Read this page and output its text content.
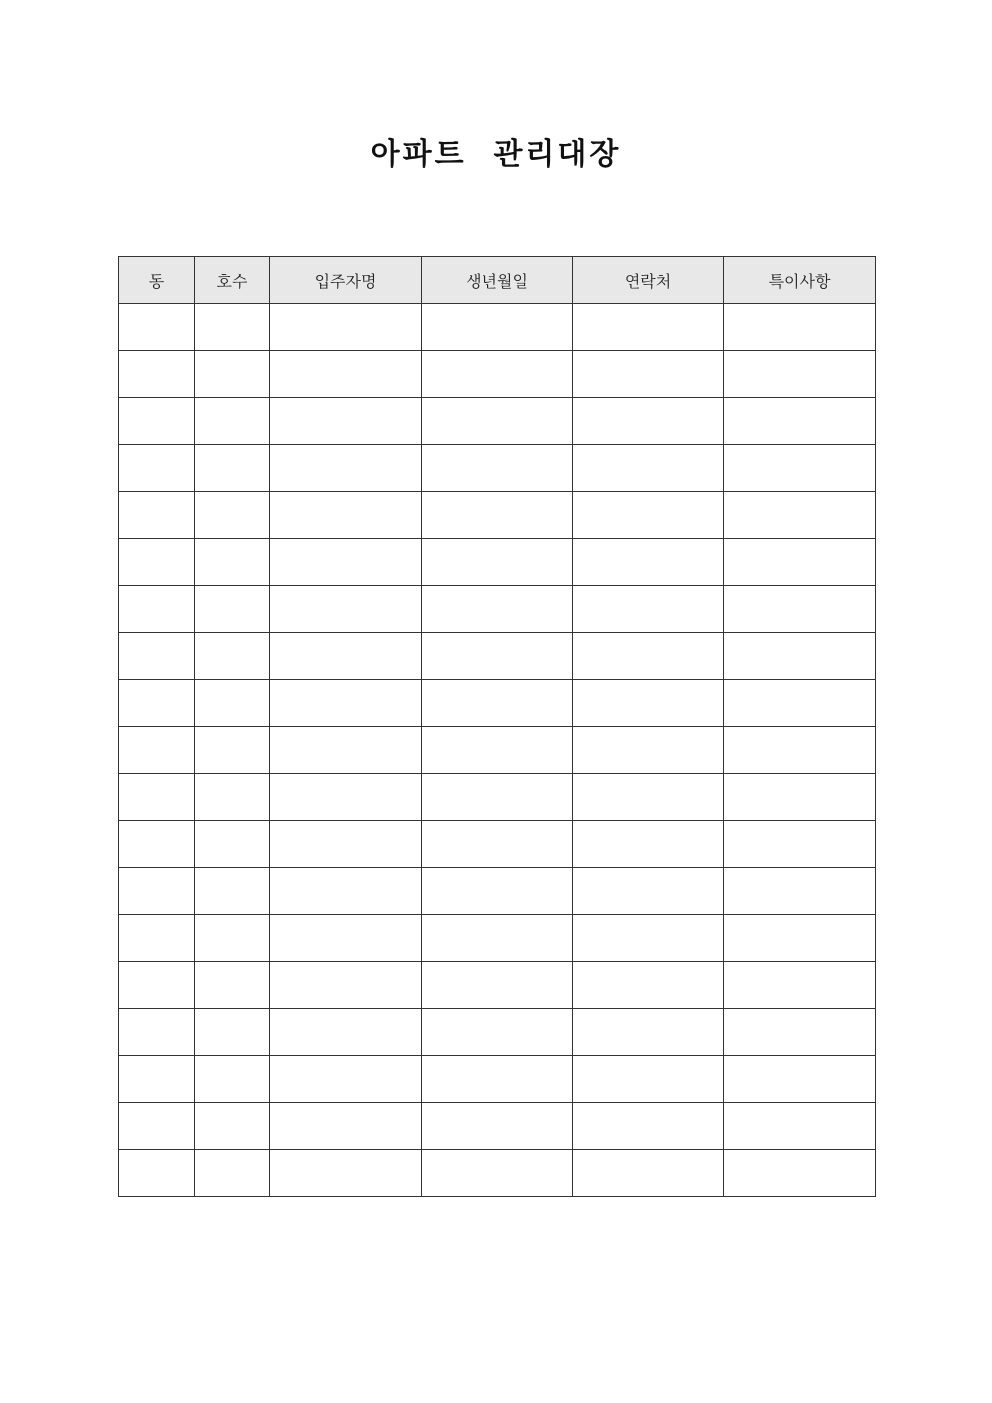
아파트  관리대장
동	호수	입주자명	생년월일	연락처	특이사항
